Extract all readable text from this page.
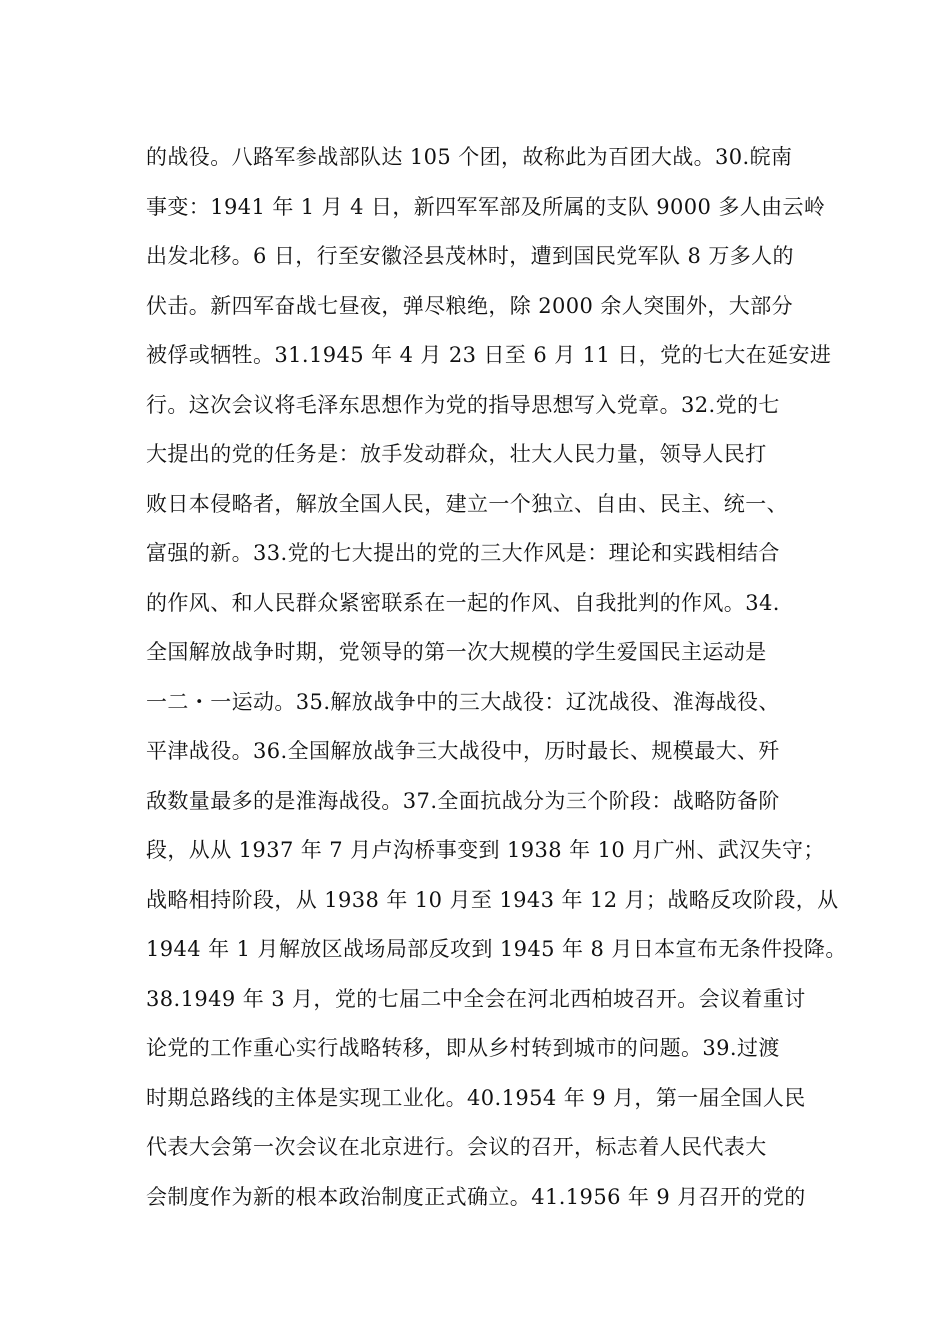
的战役。八路军参战部队达 105 个团，故称此为百团大战。30.皖南
事变：1941 年 1 月 4 日，新四军军部及所属的支队 9000 多人由云岭
出发北移。6 日，行至安徽泾县茂林时，遭到国民党军队 8 万多人的
伏击。新四军奋战七昼夜，弹尽粮绝，除 2000 余人突围外，大部分
被俘或牺牲。31.1945 年 4 月 23 日至 6 月 11 日，党的七大在延安进
行。这次会议将毛泽东思想作为党的指导思想写入党章。32.党的七
大提出的党的任务是：放手发动群众，壮大人民力量，领导人民打
败日本侵略者，解放全国人民，建立一个独立、自由、民主、统一、
富强的新。33.党的七大提出的党的三大作风是：理论和实践相结合
的作风、和人民群众紧密联系在一起的作风、自我批判的作风。34.
全国解放战争时期，党领导的第一次大规模的学生爱国民主运动是
一二・一运动。35.解放战争中的三大战役：辽沈战役、淮海战役、
平津战役。36.全国解放战争三大战役中，历时最长、规模最大、歼
敌数量最多的是淮海战役。37.全面抗战分为三个阶段：战略防备阶
段，从从 1937 年 7 月卢沟桥事变到 1938 年 10 月广州、武汉失守；
战略相持阶段，从 1938 年 10 月至 1943 年 12 月；战略反攻阶段，从
1944 年 1 月解放区战场局部反攻到 1945 年 8 月日本宣布无条件投降。
38.1949 年 3 月，党的七届二中全会在河北西柏坡召开。会议着重讨
论党的工作重心实行战略转移，即从乡村转到城市的问题。39.过渡
时期总路线的主体是实现工业化。40.1954 年 9 月，第一届全国人民
代表大会第一次会议在北京进行。会议的召开，标志着人民代表大
会制度作为新的根本政治制度正式确立。41.1956 年 9 月召开的党的
